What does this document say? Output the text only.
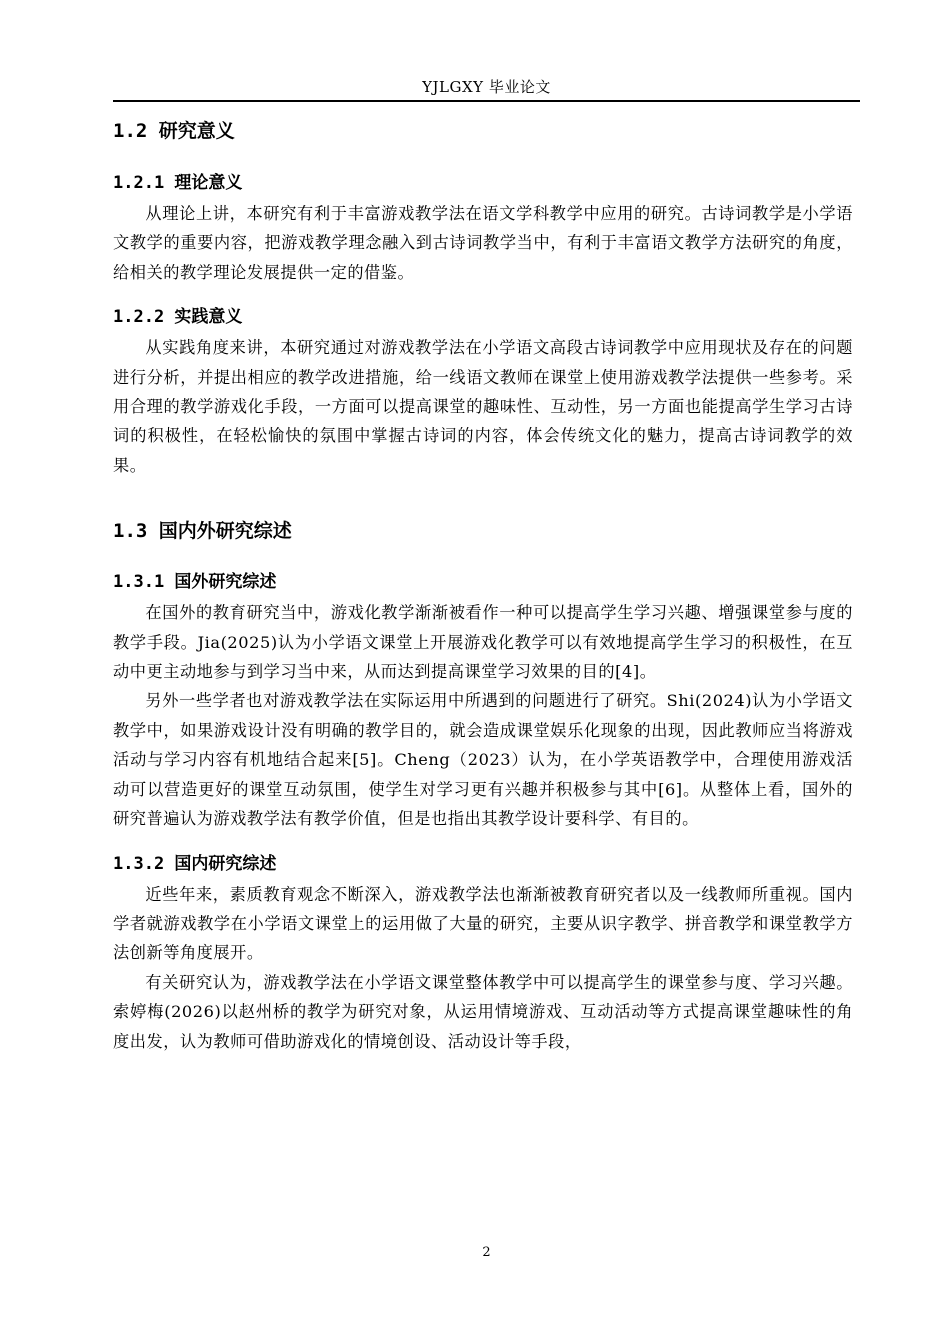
YJLGXY 毕业论文
1.2 研究意义
1.2.1 理论意义

从理论上讲，本研究有利于丰富游戏教学法在语文学科教学中应用的研究。古诗词教学是小学语文教学的重要内容，把游戏教学理念融入到古诗词教学当中，有利于丰富语文教学方法研究的角度，给相关的教学理论发展提供一定的借鉴。

1.2.2 实践意义

从实践角度来讲，本研究通过对游戏教学法在小学语文高段古诗词教学中应用现状及存在的问题进行分析，并提出相应的教学改进措施，给一线语文教师在课堂上使用游戏教学法提供一些参考。采用合理的教学游戏化手段，一方面可以提高课堂的趣味性、互动性，另一方面也能提高学生学习古诗词的积极性，在轻松愉快的氛围中掌握古诗词的内容，体会传统文化的魅力，提高古诗词教学的效果。

1.3 国内外研究综述
1.3.1 国外研究综述

在国外的教育研究当中，游戏化教学渐渐被看作一种可以提高学生学习兴趣、增强课堂参与度的教学手段。Jia(2025)认为小学语文课堂上开展游戏化教学可以有效地提高学生学习的积极性，在互动中更主动地参与到学习当中来，从而达到提高课堂学习效果的目的[4]。

另外一些学者也对游戏教学法在实际运用中所遇到的问题进行了研究。Shi(2024)认为小学语文教学中，如果游戏设计没有明确的教学目的，就会造成课堂娱乐化现象的出现，因此教师应当将游戏活动与学习内容有机地结合起来[5]。Cheng（2023）认为，在小学英语教学中，合理使用游戏活动可以营造更好的课堂互动氛围，使学生对学习更有兴趣并积极参与其中[6]。从整体上看，国外的研究普遍认为游戏教学法有教学价值，但是也指出其教学设计要科学、有目的。

1.3.2 国内研究综述

近些年来，素质教育观念不断深入，游戏教学法也渐渐被教育研究者以及一线教师所重视。国内学者就游戏教学在小学语文课堂上的运用做了大量的研究，主要从识字教学、拼音教学和课堂教学方法创新等角度展开。

有关研究认为，游戏教学法在小学语文课堂整体教学中可以提高学生的课堂参与度、学习兴趣。索婷梅(2026)以赵州桥的教学为研究对象，从运用情境游戏、互动活动等方式提高课堂趣味性的角度出发，认为教师可借助游戏化的情境创设、活动设计等手段，

2
